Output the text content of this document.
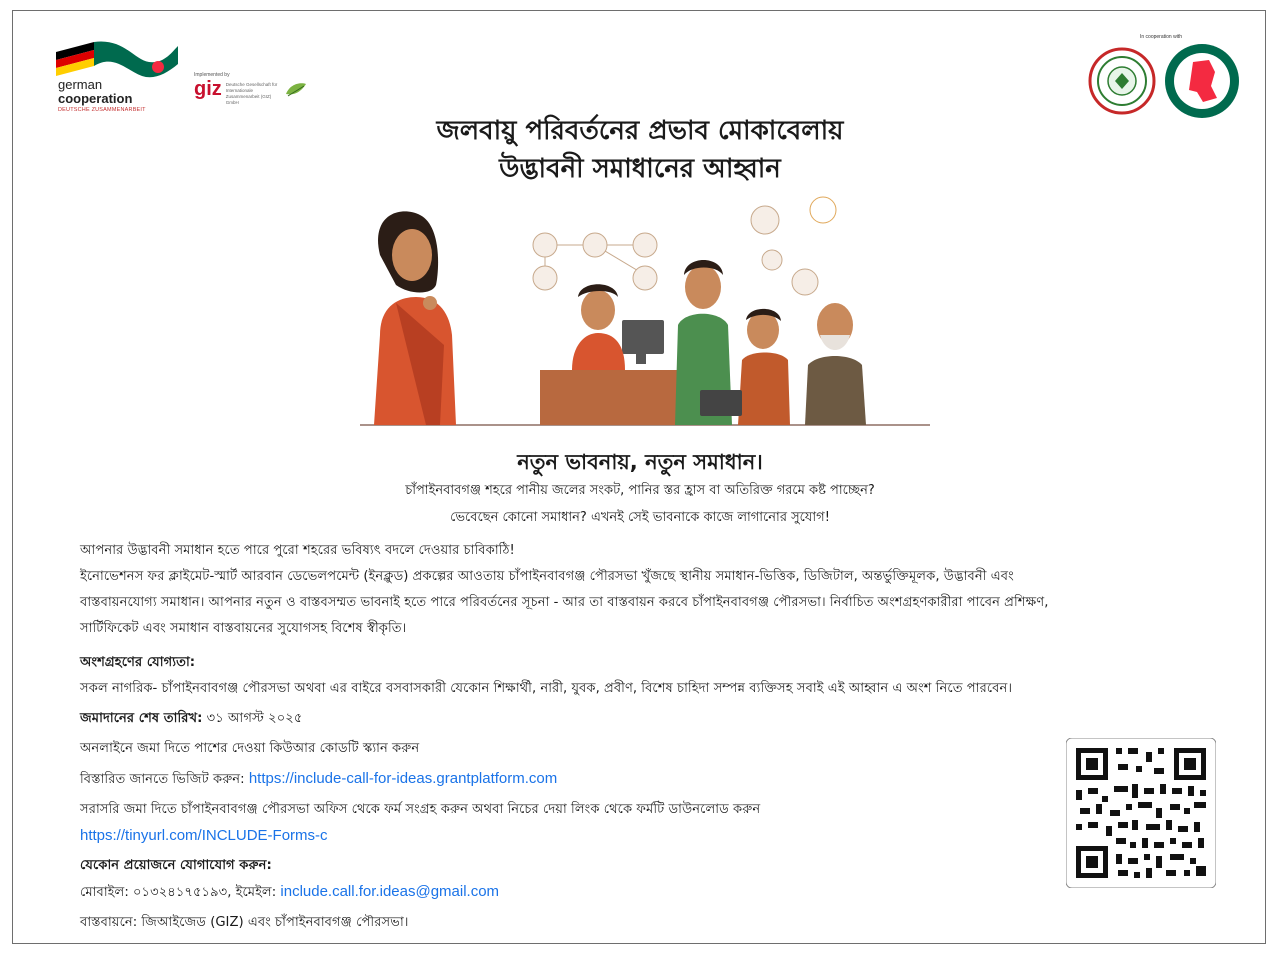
german
cooperation
DEUTSCHE ZUSAMMENARBEIT
Implemented by
giz Deutsche Gesellschaft für Internationale Zusammenarbeit (GIZ) GmbH
In cooperation with
জলবায়ু পরিবর্তনের প্রভাব মোকাবেলায়
উদ্ভাবনী সমাধানের আহ্বান
নতুন ভাবনায়, নতুন সমাধান।
চাঁপাইনবাবগঞ্জ শহরে পানীয় জলের সংকট, পানির স্তর হ্রাস বা অতিরিক্ত গরমে কষ্ট পাচ্ছেন?
ভেবেছেন কোনো সমাধান? এখনই সেই ভাবনাকে কাজে লাগানোর সুযোগ!
আপনার উদ্ভাবনী সমাধান হতে পারে পুরো শহরের ভবিষ্যৎ বদলে দেওয়ার চাবিকাঠি!
ইনোভেশনস ফর ক্লাইমেট-স্মার্ট আরবান ডেভেলপমেন্ট (ইনক্লুড) প্রকল্পের আওতায় চাঁপাইনবাবগঞ্জ পৌরসভা খুঁজছে স্থানীয় সমাধান-ভিত্তিক, ডিজিটাল, অন্তর্ভুক্তিমূলক, উদ্ভাবনী এবং
বাস্তবায়নযোগ্য সমাধান। আপনার নতুন ও বাস্তবসম্মত ভাবনাই হতে পারে পরিবর্তনের সূচনা - আর তা বাস্তবায়ন করবে চাঁপাইনবাবগঞ্জ পৌরসভা। নির্বাচিত অংশগ্রহণকারীরা পাবেন প্রশিক্ষণ,
সার্টিফিকেট এবং সমাধান বাস্তবায়নের সুযোগসহ বিশেষ স্বীকৃতি।
অংশগ্রহণের যোগ্যতা:
সকল নাগরিক- চাঁপাইনবাবগঞ্জ পৌরসভা অথবা এর বাইরে বসবাসকারী যেকোন শিক্ষার্থী, নারী, যুবক, প্রবীণ, বিশেষ চাহিদা সম্পন্ন ব্যক্তিসহ সবাই এই আহ্বান এ অংশ নিতে পারবেন।
জমাদানের শেষ তারিখ: ৩১ আগস্ট ২০২৫
অনলাইনে জমা দিতে পাশের দেওয়া কিউআর কোডটি স্ক্যান করুন
বিস্তারিত জানতে ভিজিট করুন: https://include-call-for-ideas.grantplatform.com
সরাসরি জমা দিতে চাঁপাইনবাবগঞ্জ পৌরসভা অফিস থেকে ফর্ম সংগ্রহ করুন অথবা নিচের দেয়া লিংক থেকে ফর্মটি ডাউনলোড করুন
https://tinyurl.com/INCLUDE-Forms-c
যেকোন প্রয়োজনে যোগাযোগ করুন:
মোবাইল: ০১৩২৪১৭৫১৯৩, ইমেইল: include.call.for.ideas@gmail.com
বাস্তবায়নে: জিআইজেড (GIZ) এবং চাঁপাইনবাবগঞ্জ পৌরসভা।
